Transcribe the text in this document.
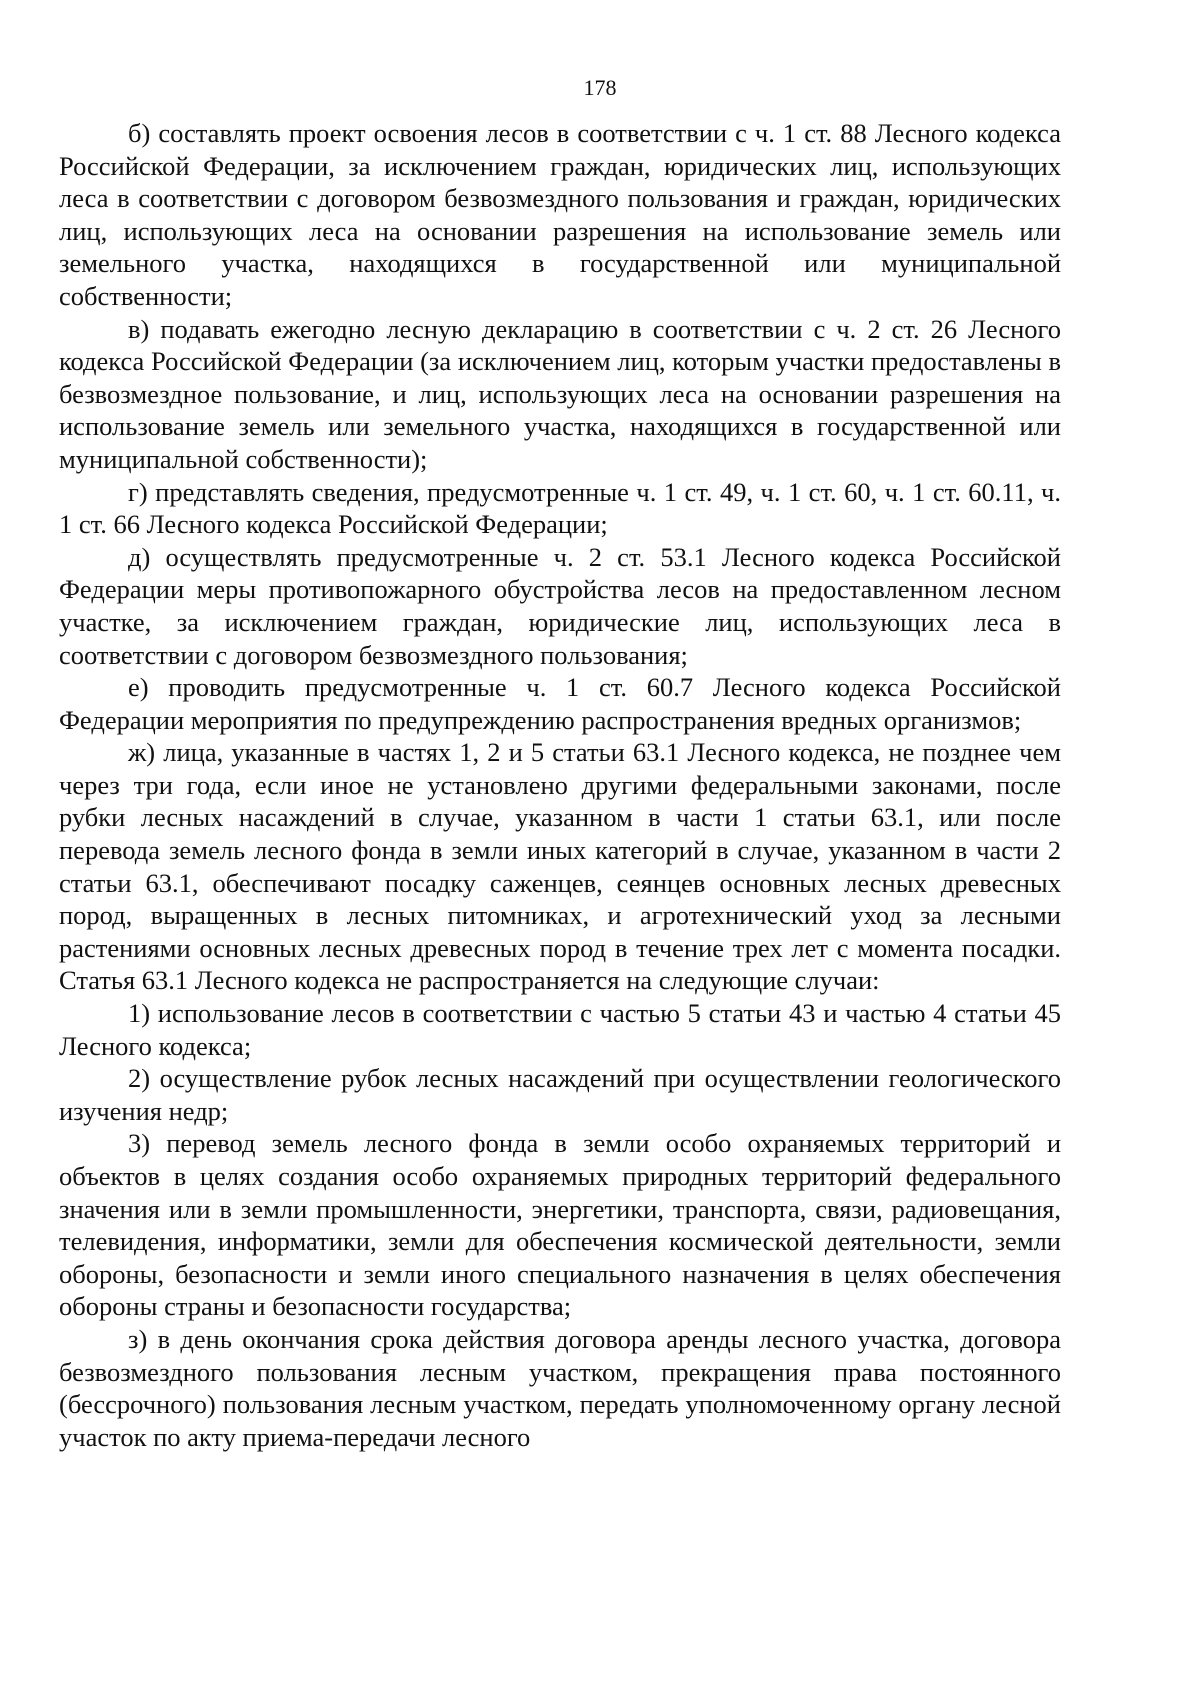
178

б) составлять проект освоения лесов в соответствии с ч. 1 ст. 88 Лесного кодекса Российской Федерации, за исключением граждан, юридических лиц, использующих леса в соответствии с договором безвозмездного пользования и граждан, юридических лиц, использующих леса на основании разрешения на использование земель или земельного участка, находящихся в государственной или муниципальной собственности;

в) подавать ежегодно лесную декларацию в соответствии с ч. 2 ст. 26 Лесного кодекса Российской Федерации (за исключением лиц, которым участки предоставлены в безвозмездное пользование, и лиц, использующих леса на основании разрешения на использование земель или земельного участка, находящихся в государственной или муниципальной собственности);

г) представлять сведения, предусмотренные ч. 1 ст. 49, ч. 1 ст. 60, ч. 1 ст. 60.11, ч. 1 ст. 66 Лесного кодекса Российской Федерации;

д) осуществлять предусмотренные ч. 2 ст. 53.1 Лесного кодекса Российской Федерации меры противопожарного обустройства лесов на предоставленном лесном участке, за исключением граждан, юридические лиц, использующих леса в соответствии с договором безвозмездного пользования;

е) проводить предусмотренные ч. 1 ст. 60.7 Лесного кодекса Российской Федерации мероприятия по предупреждению распространения вредных организмов;

ж) лица, указанные в частях 1, 2 и 5 статьи 63.1 Лесного кодекса, не позднее чем через три года, если иное не установлено другими федеральными законами, после рубки лесных насаждений в случае, указанном в части 1 статьи 63.1, или после перевода земель лесного фонда в земли иных категорий в случае, указанном в части 2 статьи 63.1, обеспечивают посадку саженцев, сеянцев основных лесных древесных пород, выращенных в лесных питомниках, и агротехнический уход за лесными растениями основных лесных древесных пород в течение трех лет с момента посадки. Статья 63.1 Лесного кодекса не распространяется на следующие случаи:

1) использование лесов в соответствии с частью 5 статьи 43 и частью 4 статьи 45 Лесного кодекса;

2) осуществление рубок лесных насаждений при осуществлении геологического изучения недр;

3) перевод земель лесного фонда в земли особо охраняемых территорий и объектов в целях создания особо охраняемых природных территорий федерального значения или в земли промышленности, энергетики, транспорта, связи, радиовещания, телевидения, информатики, земли для обеспечения космической деятельности, земли обороны, безопасности и земли иного специального назначения в целях обеспечения обороны страны и безопасности государства;

з) в день окончания срока действия договора аренды лесного участка, договора безвозмездного пользования лесным участком, прекращения права постоянного (бессрочного) пользования лесным участком, передать уполномоченному органу лесной участок по акту приема-передачи лесного
